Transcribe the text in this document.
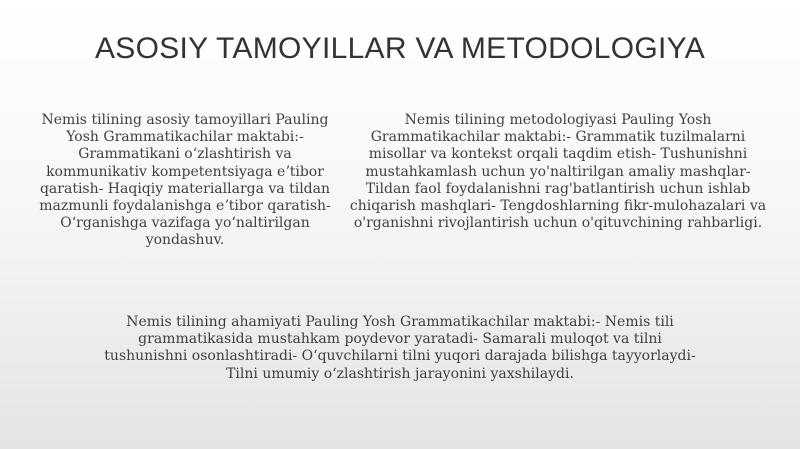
ASOSIY TAMOYILLAR VA METODOLOGIYA
Nemis tilining asosiy tamoyillari Pauling Yosh Grammatikachilar maktabi:- Grammatikani oʻzlashtirish va kommunikativ kompetentsiyaga eʼtibor qaratish- Haqiqiy materiallarga va tildan mazmunli foydalanishga eʼtibor qaratish- Oʻrganishga vazifaga yoʻnaltirilgan yondashuv.
Nemis tilining metodologiyasi Pauling Yosh Grammatikachilar maktabi:- Grammatik tuzilmalarni misollar va kontekst orqali taqdim etish- Tushunishni mustahkamlash uchun yo'naltirilgan amaliy mashqlar- Tildan faol foydalanishni rag'batlantirish uchun ishlab chiqarish mashqlari- Tengdoshlarning fikr-mulohazalari va o'rganishni rivojlantirish uchun o'qituvchining rahbarligi.
Nemis tilining ahamiyati Pauling Yosh Grammatikachilar maktabi:- Nemis tili grammatikasida mustahkam poydevor yaratadi- Samarali muloqot va tilni tushunishni osonlashtiradi- Oʻquvchilarni tilni yuqori darajada bilishga tayyorlaydi- Tilni umumiy oʻzlashtirish jarayonini yaxshilaydi.
